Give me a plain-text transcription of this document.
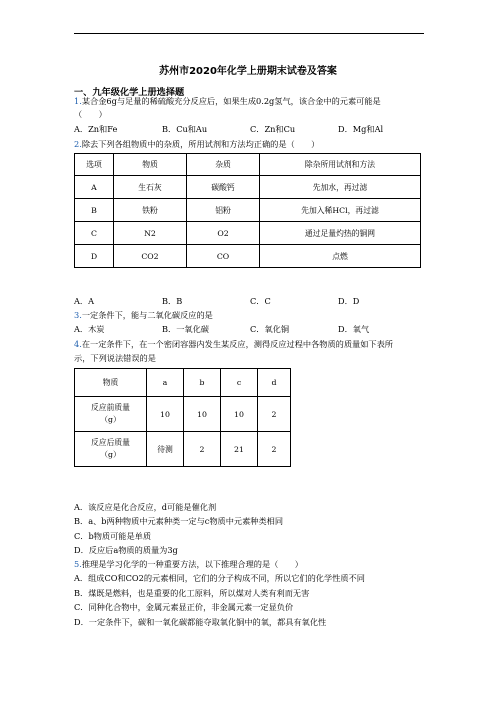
苏州市2020年化学上册期末试卷及答案
一、九年级化学上册选择题
1.某合金6g与足量的稀硫酸充分反应后，如果生成0.2g氢气，该合金中的元素可能是
（　　）
A．Zn和Fe	B．Cu和Au	C．Zn和Cu	D．Mg和Al
2.除去下列各组物质中的杂质，所用试剂和方法均正确的是（　　）
选项	物质	杂质	除杂所用试剂和方法
A	生石灰	碳酸钙	先加水，再过滤
B	铁粉	铝粉	先加入稀HCl，再过滤
C	N2	O2	通过足量灼热的铜网
D	CO2	CO	点燃
A．A	B．B	C．C	D．D
3.一定条件下，能与二氧化碳反应的是
A．木炭	B．一氧化碳	C．氧化铜	D．氧气
4.在一定条件下，在一个密闭容器内发生某反应，测得反应过程中各物质的质量如下表所
示，下列说法错误的是
物质	a	b	c	d
反应前质量（g）	10	10	10	2
反应后质量（g）	待测	2	21	2
A．该反应是化合反应，d可能是催化剂
B．a、b两种物质中元素种类一定与c物质中元素种类相同
C．b物质可能是单质
D．反应后a物质的质量为3g
5.推理是学习化学的一种重要方法，以下推理合理的是（　　）
A．组成CO和CO2的元素相同，它们的分子构成不同，所以它们的化学性质不同
B．煤既是燃料，也是重要的化工原料，所以煤对人类有利而无害
C．同种化合物中，金属元素显正价，非金属元素一定显负价
D．一定条件下，碳和一氧化碳都能夺取氧化铜中的氧，都具有氧化性
